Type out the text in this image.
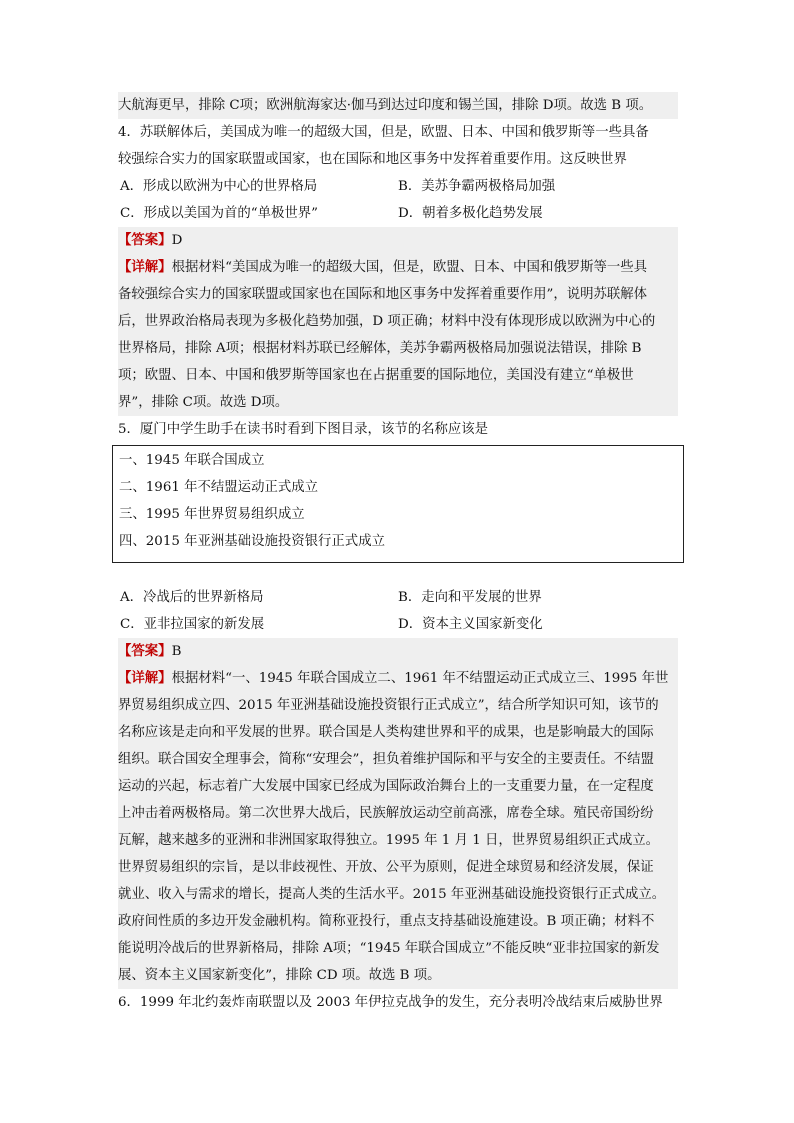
大航海更早，排除 C项；欧洲航海家达·伽马到达过印度和锡兰国，排除 D项。故选 B 项。
4．苏联解体后，美国成为唯一的超级大国，但是，欧盟、日本、中国和俄罗斯等一些具备
较强综合实力的国家联盟或国家，也在国际和地区事务中发挥着重要作用。这反映世界
A．形成以欧洲为中心的世界格局	B．美苏争霸两极格局加强
C．形成以美国为首的“单极世界”	D．朝着多极化趋势发展
【答案】D
【详解】根据材料“美国成为唯一的超级大国，但是，欧盟、日本、中国和俄罗斯等一些具
备较强综合实力的国家联盟或国家也在国际和地区事务中发挥着重要作用”，说明苏联解体
后，世界政治格局表现为多极化趋势加强，D 项正确；材料中没有体现形成以欧洲为中心的
世界格局，排除 A项；根据材料苏联已经解体，美苏争霸两极格局加强说法错误，排除 B
项；欧盟、日本、中国和俄罗斯等国家也在占据重要的国际地位，美国没有建立“单极世
界”，排除 C项。故选 D项。
5．厦门中学生助手在读书时看到下图目录，该节的名称应该是
一、1945 年联合国成立
二、1961 年不结盟运动正式成立
三、1995 年世界贸易组织成立
四、2015 年亚洲基础设施投资银行正式成立
A．冷战后的世界新格局	B．走向和平发展的世界
C．亚非拉国家的新发展	D．资本主义国家新变化
【答案】B
【详解】根据材料“一、1945 年联合国成立二、1961 年不结盟运动正式成立三、1995 年世
界贸易组织成立四、2015 年亚洲基础设施投资银行正式成立”，结合所学知识可知，该节的
名称应该是走向和平发展的世界。联合国是人类构建世界和平的成果，也是影响最大的国际
组织。联合国安全理事会，简称“安理会”，担负着维护国际和平与安全的主要责任。不结盟
运动的兴起，标志着广大发展中国家已经成为国际政治舞台上的一支重要力量，在一定程度
上冲击着两极格局。第二次世界大战后，民族解放运动空前高涨，席卷全球。殖民帝国纷纷
瓦解，越来越多的亚洲和非洲国家取得独立。1995 年 1 月 1 日，世界贸易组织正式成立。
世界贸易组织的宗旨，是以非歧视性、开放、公平为原则，促进全球贸易和经济发展，保证
就业、收入与需求的增长，提高人类的生活水平。2015 年亚洲基础设施投资银行正式成立。
政府间性质的多边开发金融机构。简称亚投行，重点支持基础设施建设。B 项正确；材料不
能说明冷战后的世界新格局，排除 A项；“1945 年联合国成立”不能反映“亚非拉国家的新发
展、资本主义国家新变化”，排除 CD 项。故选 B 项。
6．1999 年北约轰炸南联盟以及 2003 年伊拉克战争的发生，充分表明冷战结束后威胁世界
